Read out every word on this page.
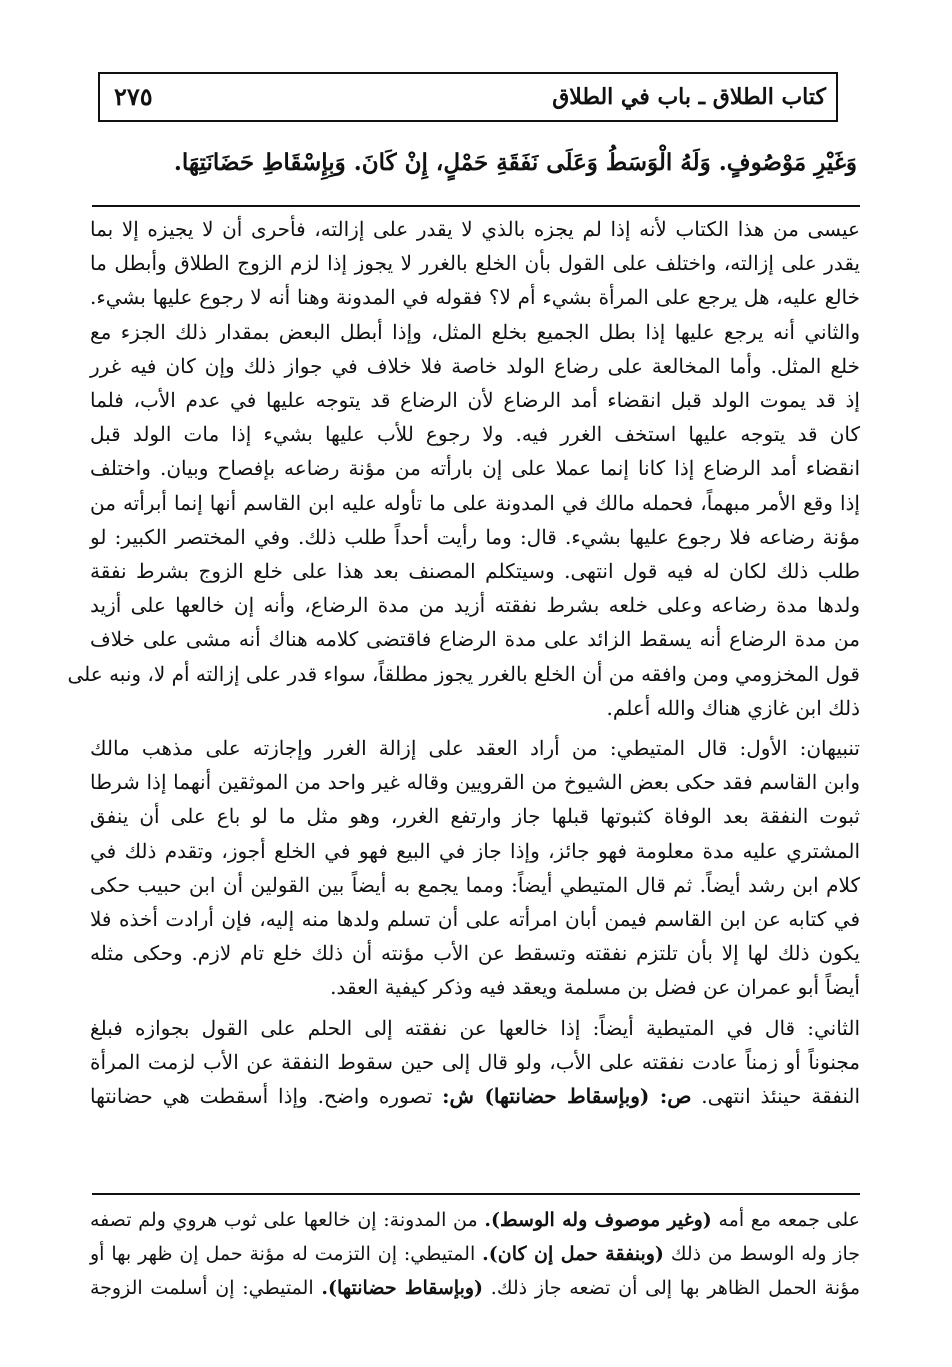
كتاب الطلاق ـ باب في الطلاق
٢٧٥
وَغَيْرِ مَوْصُوفٍ. وَلَهُ الْوَسَطُ وَعَلَى نَفَقَةِ حَمْلٍ، إِنْ كَانَ. وَبِإِسْقَاطِ حَضَانَتِهَا.
عيسى من هذا الكتاب لأنه إذا لم يجزه بالذي لا يقدر على إزالته، فأحرى أن لا يجيزه إلا بما
يقدر على إزالته، واختلف على القول بأن الخلع بالغرر لا يجوز إذا لزم الزوج الطلاق وأبطل ما
خالع عليه، هل يرجع على المرأة بشيء أم لا؟ فقوله في المدونة وهنا أنه لا رجوع عليها بشيء.
والثاني أنه يرجع عليها إذا بطل الجميع بخلع المثل، وإذا أبطل البعض بمقدار ذلك الجزء مع
خلع المثل. وأما المخالعة على رضاع الولد خاصة فلا خلاف في جواز ذلك وإن كان فيه غرر
إذ قد يموت الولد قبل انقضاء أمد الرضاع لأن الرضاع قد يتوجه عليها في عدم الأب، فلما
كان قد يتوجه عليها استخف الغرر فيه. ولا رجوع للأب عليها بشيء إذا مات الولد قبل
انقضاء أمد الرضاع إذا كانا إنما عملا على إن بارأته من مؤنة رضاعه بإفصاح وبيان. واختلف
إذا وقع الأمر مبهماً، فحمله مالك في المدونة على ما تأوله عليه ابن القاسم أنها إنما أبرأته من
مؤنة رضاعه فلا رجوع عليها بشيء. قال: وما رأيت أحداً طلب ذلك. وفي المختصر الكبير: لو
طلب ذلك لكان له فيه قول انتهى. وسيتكلم المصنف بعد هذا على خلع الزوج بشرط نفقة
ولدها مدة رضاعه وعلى خلعه بشرط نفقته أزيد من مدة الرضاع، وأنه إن خالعها على أزيد
من مدة الرضاع أنه يسقط الزائد على مدة الرضاع فاقتضى كلامه هناك أنه مشى على خلاف
قول المخزومي ومن وافقه من أن الخلع بالغرر يجوز مطلقاً، سواء قدر على إزالته أم لا، ونبه على
ذلك ابن غازي هناك والله أعلم.
تنبيهان: الأول: قال المتيطي: من أراد العقد على إزالة الغرر وإجازته على مذهب مالك
وابن القاسم فقد حكى بعض الشيوخ من القرويين وقاله غير واحد من الموثقين أنهما إذا شرطا
ثبوت النفقة بعد الوفاة كثبوتها قبلها جاز وارتفع الغرر، وهو مثل ما لو باع على أن ينفق
المشتري عليه مدة معلومة فهو جائز، وإذا جاز في البيع فهو في الخلع أجوز، وتقدم ذلك في
كلام ابن رشد أيضاً. ثم قال المتيطي أيضاً: ومما يجمع به أيضاً بين القولين أن ابن حبيب حكى
في كتابه عن ابن القاسم فيمن أبان امرأته على أن تسلم ولدها منه إليه، فإن أرادت أخذه فلا
يكون ذلك لها إلا بأن تلتزم نفقته وتسقط عن الأب مؤنته أن ذلك خلع تام لازم. وحكى مثله
أيضاً أبو عمران عن فضل بن مسلمة ويعقد فيه وذكر كيفية العقد.
الثاني: قال في المتيطية أيضاً: إذا خالعها عن نفقته إلى الحلم على القول بجوازه فبلغ
مجنوناً أو زمناً عادت نفقته على الأب، ولو قال إلى حين سقوط النفقة عن الأب لزمت المرأة
النفقة حينئذ انتهى. ص: (وبإسقاط حضانتها) ش: تصوره واضح. وإذا أسقطت هي حضانتها
على جمعه مع أمه (وغير موصوف وله الوسط). من المدونة: إن خالعها على ثوب هروي ولم تصفه
جاز وله الوسط من ذلك (وبنفقة حمل إن كان). المتيطي: إن التزمت له مؤنة حمل إن ظهر بها أو
مؤنة الحمل الظاهر بها إلى أن تضعه جاز ذلك. (وبإسقاط حضانتها). المتيطي: إن أسلمت الزوجة
